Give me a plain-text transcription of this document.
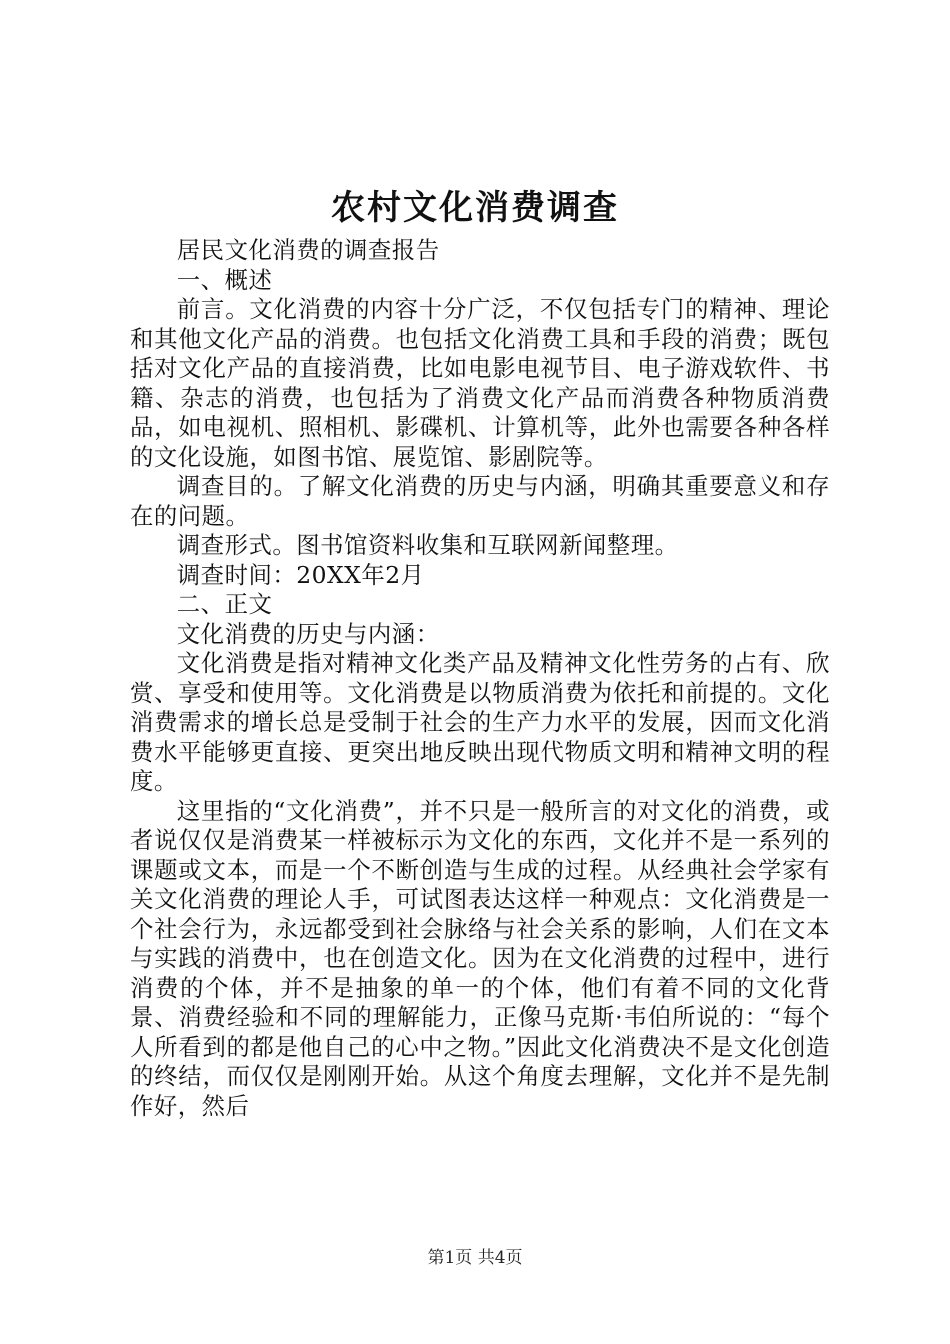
农村文化消费调查

居民文化消费的调查报告

一、概述

前言。文化消费的内容十分广泛，不仅包括专门的精神、理论和其他文化产品的消费。也包括文化消费工具和手段的消费；既包括对文化产品的直接消费，比如电影电视节目、电子游戏软件、书籍、杂志的消费，也包括为了消费文化产品而消费各种物质消费品，如电视机、照相机、影碟机、计算机等，此外也需要各种各样的文化设施，如图书馆、展览馆、影剧院等。

调查目的。了解文化消费的历史与内涵，明确其重要意义和存在的问题。

调查形式。图书馆资料收集和互联网新闻整理。

调查时间：20XX年2月

二、正文

文化消费的历史与内涵：

文化消费是指对精神文化类产品及精神文化性劳务的占有、欣赏、享受和使用等。文化消费是以物质消费为依托和前提的。文化消费需求的增长总是受制于社会的生产力水平的发展，因而文化消费水平能够更直接、更突出地反映出现代物质文明和精神文明的程度。

这里指的“文化消费”，并不只是一般所言的对文化的消费，或者说仅仅是消费某一样被标示为文化的东西，文化并不是一系列的课题或文本，而是一个不断创造与生成的过程。从经典社会学家有关文化消费的理论人手，可试图表达这样一种观点：文化消费是一个社会行为，永远都受到社会脉络与社会关系的影响，人们在文本与实践的消费中，也在创造文化。因为在文化消费的过程中，进行消费的个体，并不是抽象的单一的个体，他们有着不同的文化背景、消费经验和不同的理解能力，正像马克斯·韦伯所说的：“每个人所看到的都是他自己的心中之物。”因此文化消费决不是文化创造的终结，而仅仅是刚刚开始。从这个角度去理解，文化并不是先制作好，然后

第1页 共4页
